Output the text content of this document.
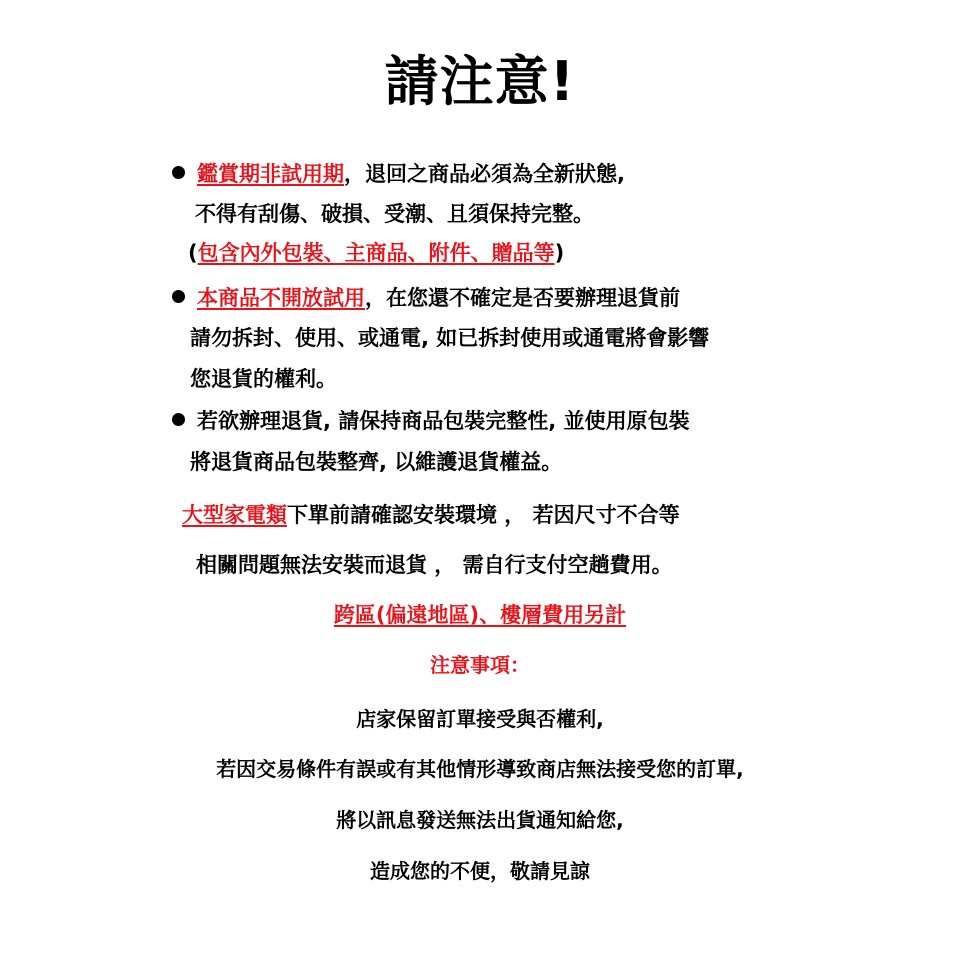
請注意!
鑑賞期非試用期，退回之商品必須為全新狀態,
不得有刮傷、破損、受潮、且須保持完整。
(包含內外包裝、主商品、附件、贈品等)
本商品不開放試用，在您還不確定是否要辦理退貨前
請勿拆封、使用、或通電, 如已拆封使用或通電將會影響
您退貨的權利。
若欲辦理退貨, 請保持商品包裝完整性, 並使用原包裝
將退貨商品包裝整齊, 以維護退貨權益。
大型家電類下單前請確認安裝環境 ， 若因尺寸不合等
相關問題無法安裝而退貨 ， 需自行支付空趟費用。
跨區(偏遠地區)、樓層費用另計
注意事項：
店家保留訂單接受與否權利,
若因交易條件有誤或有其他情形導致商店無法接受您的訂單,
將以訊息發送無法出貨通知給您,
造成您的不便，敬請見諒
